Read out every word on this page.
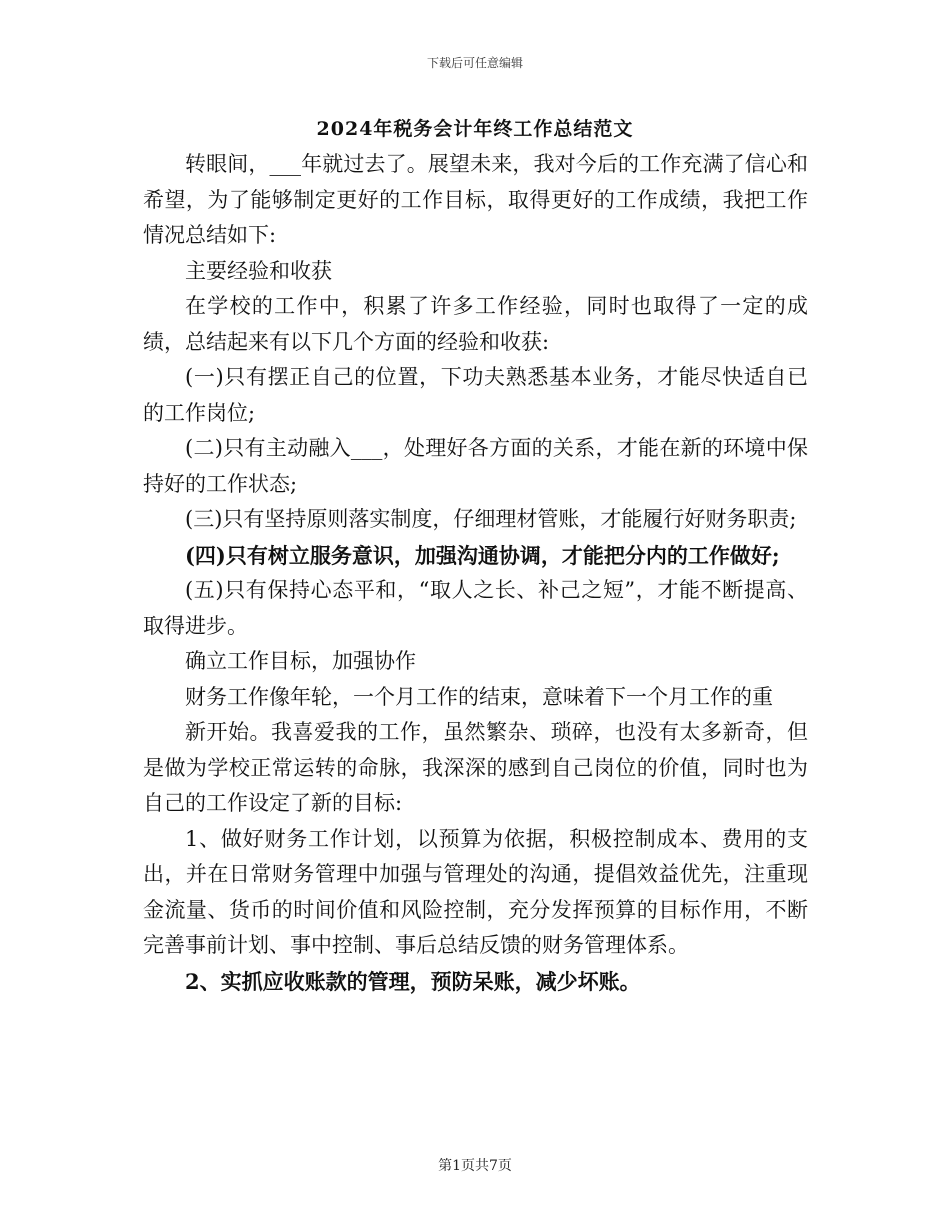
下载后可任意编辑
2024年税务会计年终工作总结范文

转眼间，___年就过去了。展望未来，我对今后的工作充满了信心和希望，为了能够制定更好的工作目标，取得更好的工作成绩，我把工作情况总结如下:

主要经验和收获

在学校的工作中，积累了许多工作经验，同时也取得了一定的成绩，总结起来有以下几个方面的经验和收获:

(一)只有摆正自己的位置，下功夫熟悉基本业务，才能尽快适自已的工作岗位;

(二)只有主动融入___，处理好各方面的关系，才能在新的环境中保持好的工作状态;

(三)只有坚持原则落实制度，仔细理材管账，才能履行好财务职责;

(四)只有树立服务意识，加强沟通协调，才能把分内的工作做好;

(五)只有保持心态平和，“取人之长、补己之短”，才能不断提高、取得进步。

确立工作目标，加强协作

财务工作像年轮，一个月工作的结束，意味着下一个月工作的重

新开始。我喜爱我的工作，虽然繁杂、琐碎，也没有太多新奇，但是做为学校正常运转的命脉，我深深的感到自己岗位的价值，同时也为自己的工作设定了新的目标:

1、做好财务工作计划，以预算为依据，积极控制成本、费用的支出，并在日常财务管理中加强与管理处的沟通，提倡效益优先，注重现金流量、货币的时间价值和风险控制，充分发挥预算的目标作用，不断完善事前计划、事中控制、事后总结反馈的财务管理体系。

2、实抓应收账款的管理，预防呆账，减少坏账。

第1页共7页
